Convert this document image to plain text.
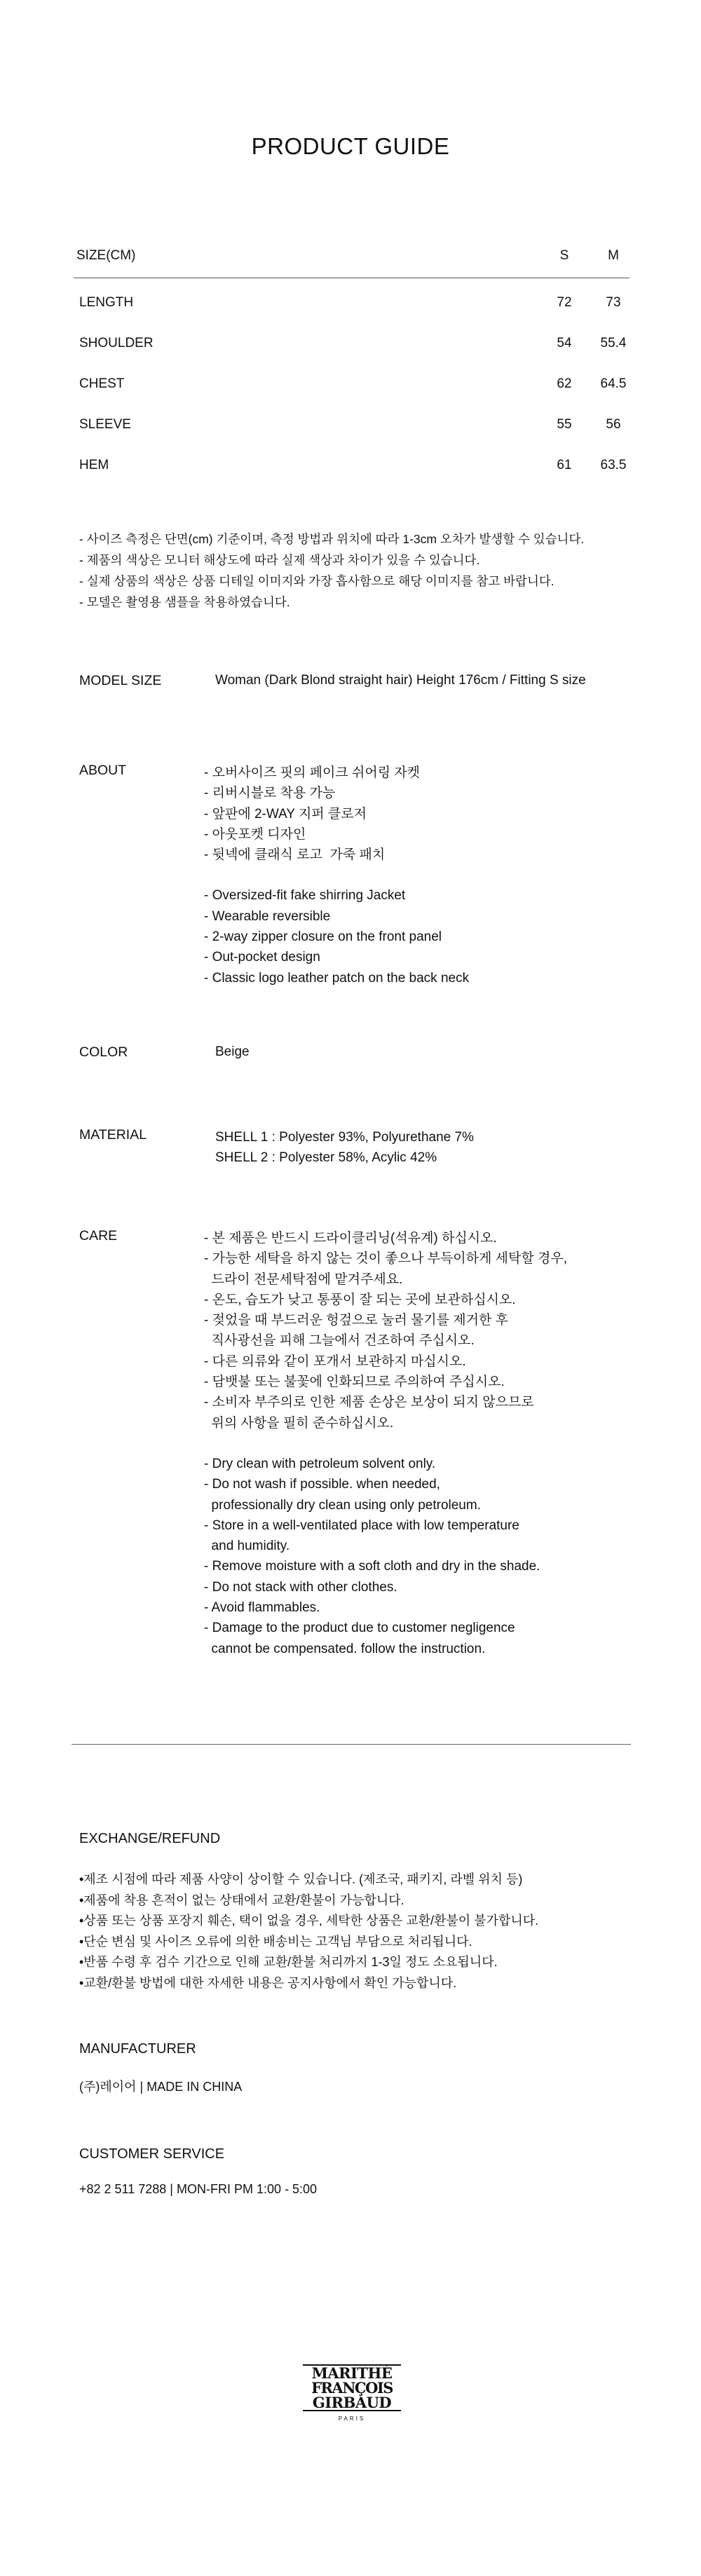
PRODUCT GUIDE
SIZE(CM)	S	M
LENGTH	72	73
SHOULDER	54	55.4
CHEST	62	64.5
SLEEVE	55	56
HEM	61	63.5
- 사이즈 측정은 단면(cm) 기준이며, 측정 방법과 위치에 따라 1-3cm 오차가 발생할 수 있습니다.
- 제품의 색상은 모니터 해상도에 따라 실제 색상과 차이가 있을 수 있습니다.
- 실제 상품의 색상은 상품 디테일 이미지와 가장 흡사함으로 해당 이미지를 참고 바랍니다.
- 모델은 촬영용 샘플을 착용하였습니다.
MODEL SIZE	Woman (Dark Blond straight hair) Height 176cm / Fitting S size
ABOUT	- 오버사이즈 핏의 페이크 쉬어링 자켓
- 리버시블로 착용 가능
- 앞판에 2-WAY 지퍼 클로저
- 아웃포켓 디자인
- 뒷넥에 클래식 로고  가죽 패치
- Oversized-fit fake shirring Jacket
- Wearable reversible
- 2-way zipper closure on the front panel
- Out-pocket design
- Classic logo leather patch on the back neck
COLOR	Beige
MATERIAL	SHELL 1 : Polyester 93%, Polyurethane 7%
SHELL 2 : Polyester 58%, Acylic 42%
CARE	- 본 제품은 반드시 드라이클리닝(석유계) 하십시오.
- 가능한 세탁을 하지 않는 것이 좋으나 부득이하게 세탁할 경우,
드라이 전문세탁점에 맡겨주세요.
- 온도, 습도가 낮고 통풍이 잘 되는 곳에 보관하십시오.
- 젖었을 때 부드러운 헝겊으로 눌러 물기를 제거한 후
직사광선을 피해 그늘에서 건조하여 주십시오.
- 다른 의류와 같이 포개서 보관하지 마십시오.
- 담뱃불 또는 불꽃에 인화되므로 주의하여 주십시오.
- 소비자 부주의로 인한 제품 손상은 보상이 되지 않으므로
위의 사항을 필히 준수하십시오.
- Dry clean with petroleum solvent only.
- Do not wash if possible. when needed,
professionally dry clean using only petroleum.
- Store in a well-ventilated place with low temperature
and humidity.
- Remove moisture with a soft cloth and dry in the shade.
- Do not stack with other clothes.
- Avoid flammables.
- Damage to the product due to customer negligence
cannot be compensated. follow the instruction.
EXCHANGE/REFUND
•제조 시점에 따라 제품 사양이 상이할 수 있습니다. (제조국, 패키지, 라벨 위치 등)
•제품에 착용 흔적이 없는 상태에서 교환/환불이 가능합니다.
•상품 또는 상품 포장지 훼손, 택이 없을 경우, 세탁한 상품은 교환/환불이 불가합니다.
•단순 변심 및 사이즈 오류에 의한 배송비는 고객님 부담으로 처리됩니다.
•반품 수령 후 검수 기간으로 인해 교환/환불 처리까지 1-3일 정도 소요됩니다.
•교환/환불 방법에 대한 자세한 내용은 공지사항에서 확인 가능합니다.
MANUFACTURER
(주)레이어 | MADE IN CHINA
CUSTOMER SERVICE
+82 2 511 7288 | MON-FRI PM 1:00 - 5:00
MARITHÉ
FRANÇOIS
GIRBAUD
PARIS
